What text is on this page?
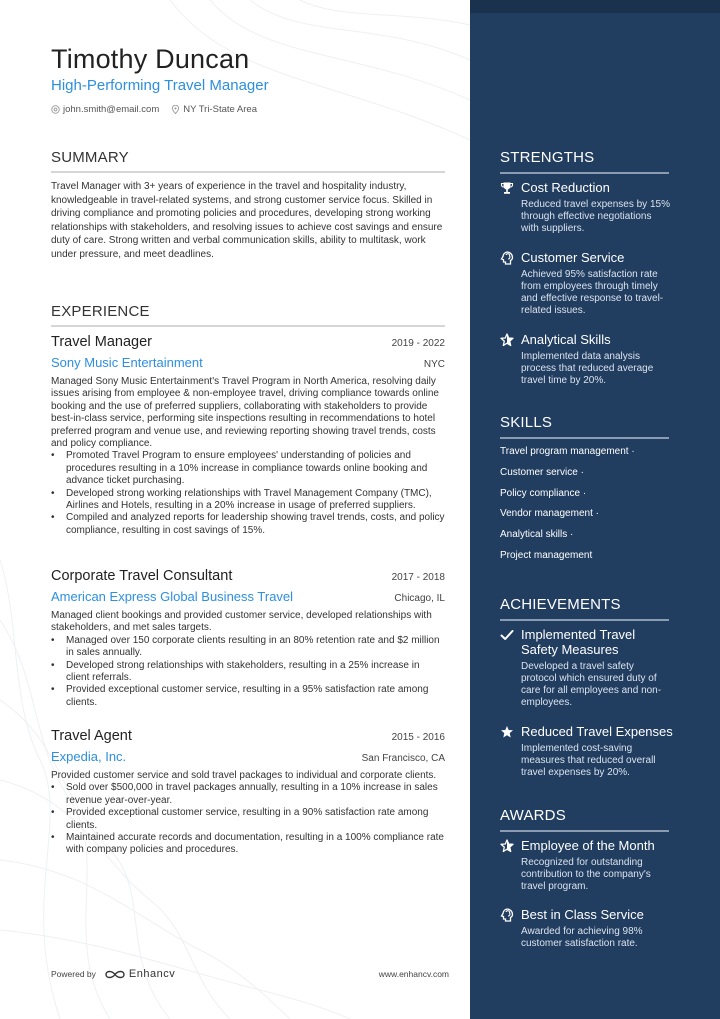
Timothy Duncan
High-Performing Travel Manager
john.smith@email.com	NY Tri-State Area
SUMMARY
Travel Manager with 3+ years of experience in the travel and hospitality industry, knowledgeable in travel-related systems, and strong customer service focus. Skilled in driving compliance and promoting policies and procedures, developing strong working relationships with stakeholders, and resolving issues to achieve cost savings and ensure duty of care. Strong written and verbal communication skills, ability to multitask, work under pressure, and meet deadlines.
EXPERIENCE
Travel Manager	2019 - 2022
Sony Music Entertainment	NYC
Managed Sony Music Entertainment's Travel Program in North America, resolving daily issues arising from employee & non-employee travel, driving compliance towards online booking and the use of preferred suppliers, collaborating with stakeholders to provide best-in-class service, performing site inspections resulting in recommendations to hotel preferred program and venue use, and reviewing reporting showing travel trends, costs and policy compliance.
• Promoted Travel Program to ensure employees' understanding of policies and procedures resulting in a 10% increase in compliance towards online booking and advance ticket purchasing.
• Developed strong working relationships with Travel Management Company (TMC), Airlines and Hotels, resulting in a 20% increase in usage of preferred suppliers.
• Compiled and analyzed reports for leadership showing travel trends, costs, and policy compliance, resulting in cost savings of 15%.
Corporate Travel Consultant	2017 - 2018
American Express Global Business Travel	Chicago, IL
Managed client bookings and provided customer service, developed relationships with stakeholders, and met sales targets.
• Managed over 150 corporate clients resulting in an 80% retention rate and $2 million in sales annually.
• Developed strong relationships with stakeholders, resulting in a 25% increase in client referrals.
• Provided exceptional customer service, resulting in a 95% satisfaction rate among clients.
Travel Agent	2015 - 2016
Expedia, Inc.	San Francisco, CA
Provided customer service and sold travel packages to individual and corporate clients.
• Sold over $500,000 in travel packages annually, resulting in a 10% increase in sales revenue year-over-year.
• Provided exceptional customer service, resulting in a 90% satisfaction rate among clients.
• Maintained accurate records and documentation, resulting in a 100% compliance rate with company policies and procedures.
Powered by	Enhancv	www.enhancv.com
STRENGTHS
Cost Reduction
Reduced travel expenses by 15% through effective negotiations with suppliers.
Customer Service
Achieved 95% satisfaction rate from employees through timely and effective response to travel-related issues.
Analytical Skills
Implemented data analysis process that reduced average travel time by 20%.
SKILLS
Travel program management ·
Customer service ·
Policy compliance ·
Vendor management ·
Analytical skills ·
Project management
ACHIEVEMENTS
Implemented Travel Safety Measures
Developed a travel safety protocol which ensured duty of care for all employees and non-employees.
Reduced Travel Expenses
Implemented cost-saving measures that reduced overall travel expenses by 20%.
AWARDS
Employee of the Month
Recognized for outstanding contribution to the company's travel program.
Best in Class Service
Awarded for achieving 98% customer satisfaction rate.
